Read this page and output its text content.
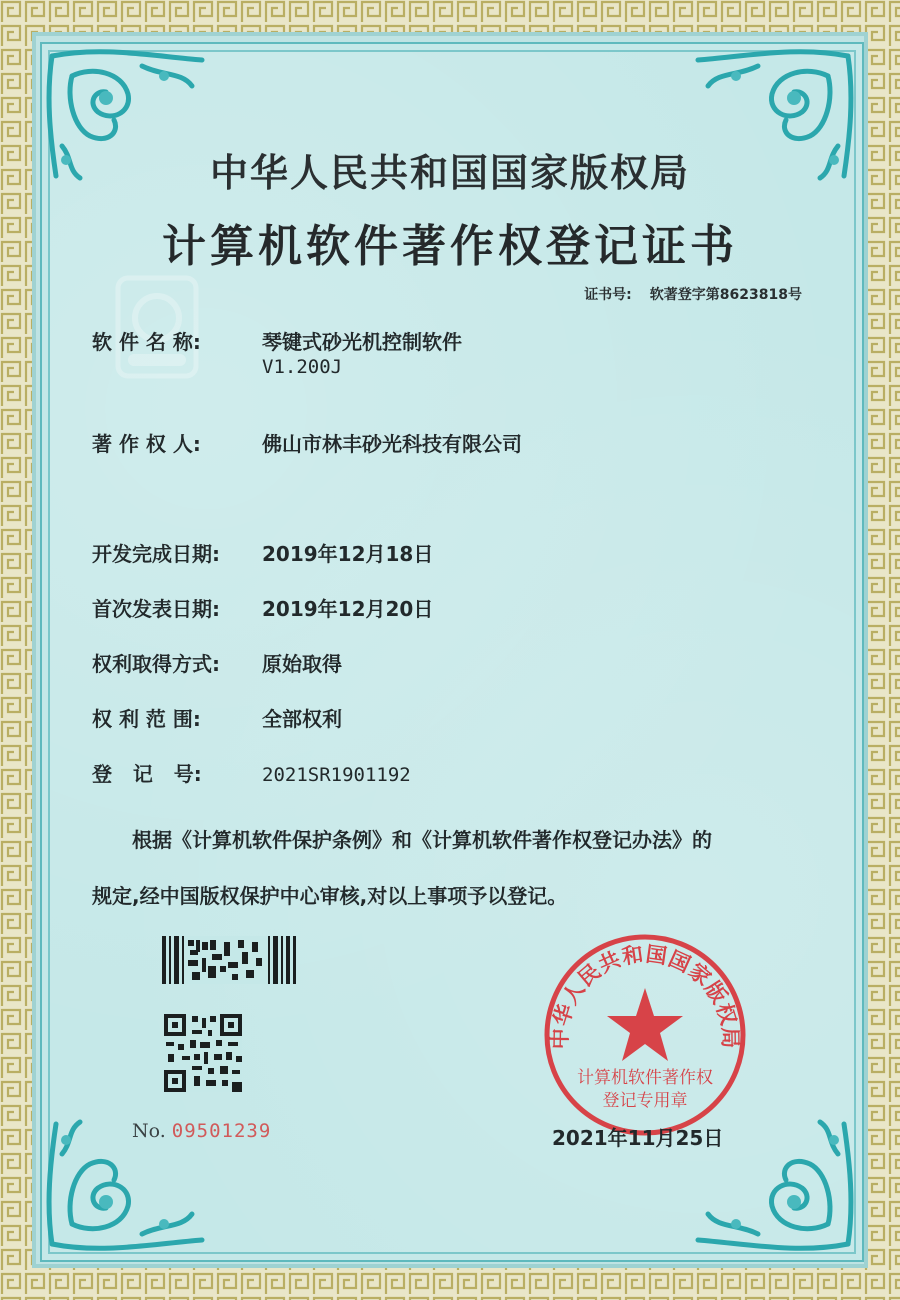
中华人民共和国国家版权局
计算机软件著作权登记证书
证书号: 软著登字第8623818号
软 件 名 称:	琴键式砂光机控制软件
V1.200J
著 作 权 人:	佛山市林丰砂光科技有限公司
开发完成日期: 2019年12月18日
首次发表日期: 2019年12月20日
权利取得方式: 原始取得
权 利 范 围:	全部权利
登   记   号:	2021SR1901192
根据《计算机软件保护条例》和《计算机软件著作权登记办法》的
规定,经中国版权保护中心审核,对以上事项予以登记。
No. 09501239
中华人民共和国国家版权局
计算机软件著作权
登记专用章
2021年11月25日
